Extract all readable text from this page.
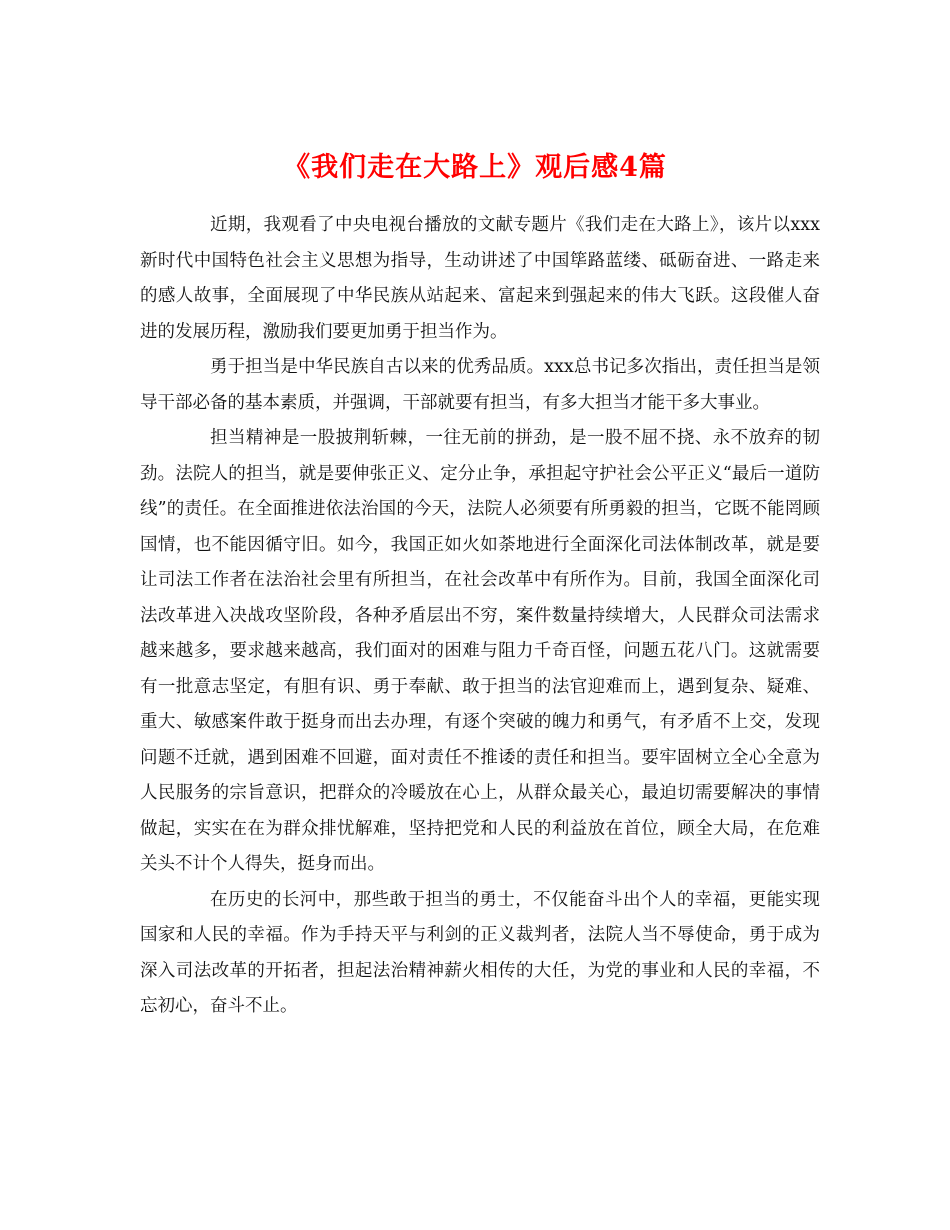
《我们走在大路上》观后感4篇

近期，我观看了中央电视台播放的文献专题片《我们走在大路上》，该片以xxx新时代中国特色社会主义思想为指导，生动讲述了中国筚路蓝缕、砥砺奋进、一路走来的感人故事，全面展现了中华民族从站起来、富起来到强起来的伟大飞跃。这段催人奋进的发展历程，激励我们要更加勇于担当作为。

勇于担当是中华民族自古以来的优秀品质。xxx总书记多次指出，责任担当是领导干部必备的基本素质，并强调，干部就要有担当，有多大担当才能干多大事业。

担当精神是一股披荆斩棘，一往无前的拼劲，是一股不屈不挠、永不放弃的韧劲。法院人的担当，就是要伸张正义、定分止争，承担起守护社会公平正义“最后一道防线”的责任。在全面推进依法治国的今天，法院人必须要有所勇毅的担当，它既不能罔顾国情，也不能因循守旧。如今，我国正如火如荼地进行全面深化司法体制改革，就是要让司法工作者在法治社会里有所担当，在社会改革中有所作为。目前，我国全面深化司法改革进入决战攻坚阶段，各种矛盾层出不穷，案件数量持续增大，人民群众司法需求越来越多，要求越来越高，我们面对的困难与阻力千奇百怪，问题五花八门。这就需要有一批意志坚定，有胆有识、勇于奉献、敢于担当的法官迎难而上，遇到复杂、疑难、重大、敏感案件敢于挺身而出去办理，有逐个突破的魄力和勇气，有矛盾不上交，发现问题不迁就，遇到困难不回避，面对责任不推诿的责任和担当。要牢固树立全心全意为人民服务的宗旨意识，把群众的冷暖放在心上，从群众最关心，最迫切需要解决的事情做起，实实在在为群众排忧解难，坚持把党和人民的利益放在首位，顾全大局，在危难关头不计个人得失，挺身而出。

在历史的长河中，那些敢于担当的勇士，不仅能奋斗出个人的幸福，更能实现国家和人民的幸福。作为手持天平与利剑的正义裁判者，法院人当不辱使命，勇于成为深入司法改革的开拓者，担起法治精神薪火相传的大任，为党的事业和人民的幸福，不忘初心，奋斗不止。
